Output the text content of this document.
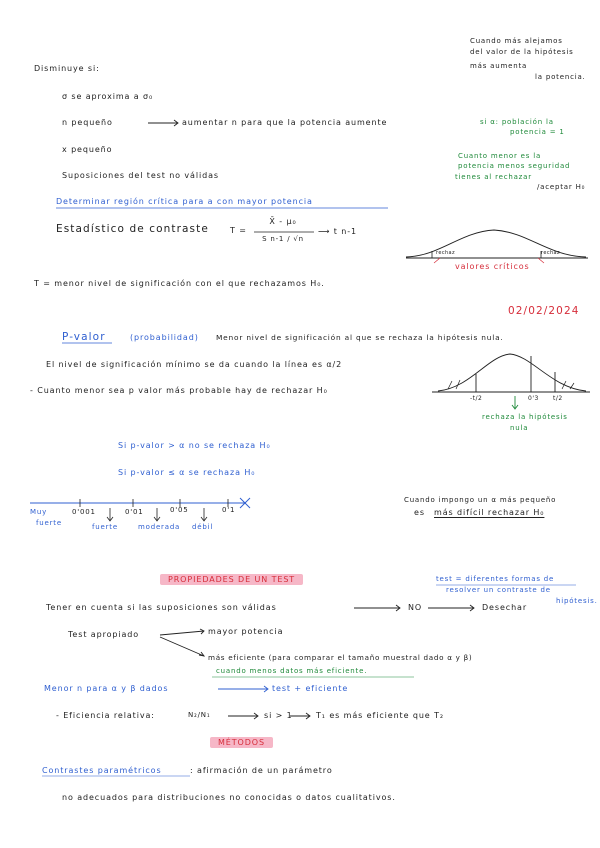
Cuando más alejamos
del valor de la hipótesis
más aumenta
la potencia.
Disminuye si:
σ se aproxima a σ₀
n pequeño	aumentar n para que la potencia aumente
x pequeño
Suposiciones del test no válidas
si α: población la
potencia = 1
Cuanto menor es la
potencia menos seguridad
tienes al rechazar
/aceptar H₀
Determinar región crítica para a con mayor potencia
Estadístico de contraste	T =
X̄ - μ₀
S n-1 / √n
⟶ t n-1
rechaz	rechaz
valores críticos
T = menor nivel de significación con el que rechazamos H₀.
02/02/2024
P-valor	(probabilidad) Menor nivel de significación al que se rechaza la hipótesis nula.
El nivel de significación mínimo se da cuando la línea es α/2
- Cuanto menor sea p valor más probable hay de rechazar H₀
-t/2	0'3 t/2
rechaza la hipótesis
nula
Si p-valor > α no se rechaza H₀
Si p-valor ≤ α se rechaza H₀
Muy	0'001	0'01	0'05	0'1
fuerte	fuerte	moderada débil
Cuando impongo un α más pequeño
es más difícil rechazar H₀
PROPIEDADES DE UN TEST	test = diferentes formas de
resolver un contraste de
hipótesis.
Tener en cuenta si las suposiciones son válidas	NO	Desechar
Test apropiado	mayor potencia
más eficiente (para comparar el tamaño muestral dado α y β)
cuando menos datos más eficiente.
Menor n para α y β dados	test + eficiente
- Eficiencia relativa:	N₂/N₁	si > 1	T₁ es más eficiente que T₂
MÉTODOS
Contrastes paramétricos	: afirmación de un parámetro
no adecuados para distribuciones no conocidas o datos cualitativos.
